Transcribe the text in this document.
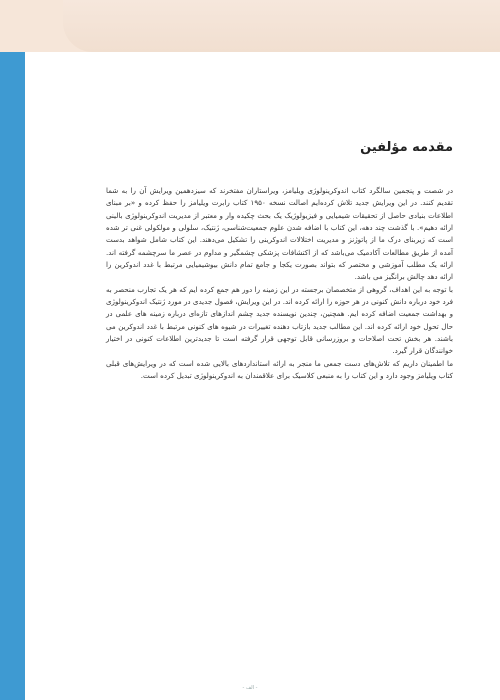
مقدمه مؤلفین

در شصت و پنجمین سالگرد کتاب اندوکرینولوژی ویلیامز، ویراستاران مفتخرند که سیزدهمین ویرایش آن را به شما تقدیم کنند. در این ویرایش جدید تلاش کرده‌ایم اصالت نسخه ۱۹۵۰ کتاب رابرت ویلیامز را حفظ کرده و «بر مبنای اطلاعات بنیادی حاصل از تحقیقات شیمیایی و فیزیولوژیک یک بحث چکیده وار و معتبر از مدیریت اندوکرینولوژی بالینی ارائه دهیم». با گذشت چند دهه، این کتاب با اضافه شدن علوم جمعیت‌شناسی، ژنتیک، سلولی و مولکولی غنی تر شده است که زیربنای درک ما از پاتوژنز و مدیریت اختلالات اندوکرینی را تشکیل می‌دهند. این کتاب شامل شواهد بدست آمده از طریق مطالعات آکادمیک می‌باشد که از اکتشافات پزشکی چشمگیر و مداوم در عصر ما سرچشمه گرفته اند. ارائه یک مطلب آموزشی و مختصر که بتواند بصورت یکجا و جامع تمام دانش بیوشیمیایی مرتبط با غدد اندوکرین را ارائه دهد چالش برانگیز می باشد.

با توجه به این اهداف، گروهی از متخصصان برجسته در این زمینه را دور هم جمع کرده ایم که هر یک تجارب منحصر به فرد خود درباره دانش کنونی در هر حوزه را ارائه کرده اند. در این ویرایش، فصول جدیدی در مورد ژنتیک اندوکرینولوژی و بهداشت جمعیت اضافه کرده ایم. همچنین، چندین نویسنده جدید چشم اندازهای تازه‌ای درباره زمینه های علمی در حال تحول خود ارائه کرده اند. این مطالب جدید بازتاب دهنده تغییرات در شیوه های کنونی مرتبط با غدد اندوکرین می باشند. هر بخش تحت اصلاحات و بروزرسانی قابل توجهی قرار گرفته است تا جدیدترین اطلاعات کنونی در اختیار خوانندگان قرار گیرد.

ما اطمینان داریم که تلاش‌های دست جمعی ما منجر به ارائه استانداردهای بالایی شده است که در ویرایش‌های قبلی کتاب ویلیامز وجود دارد و این کتاب را به منبعی کلاسیک برای علاقمندان به اندوکرینولوژی تبدیل کرده است.

- الف -
